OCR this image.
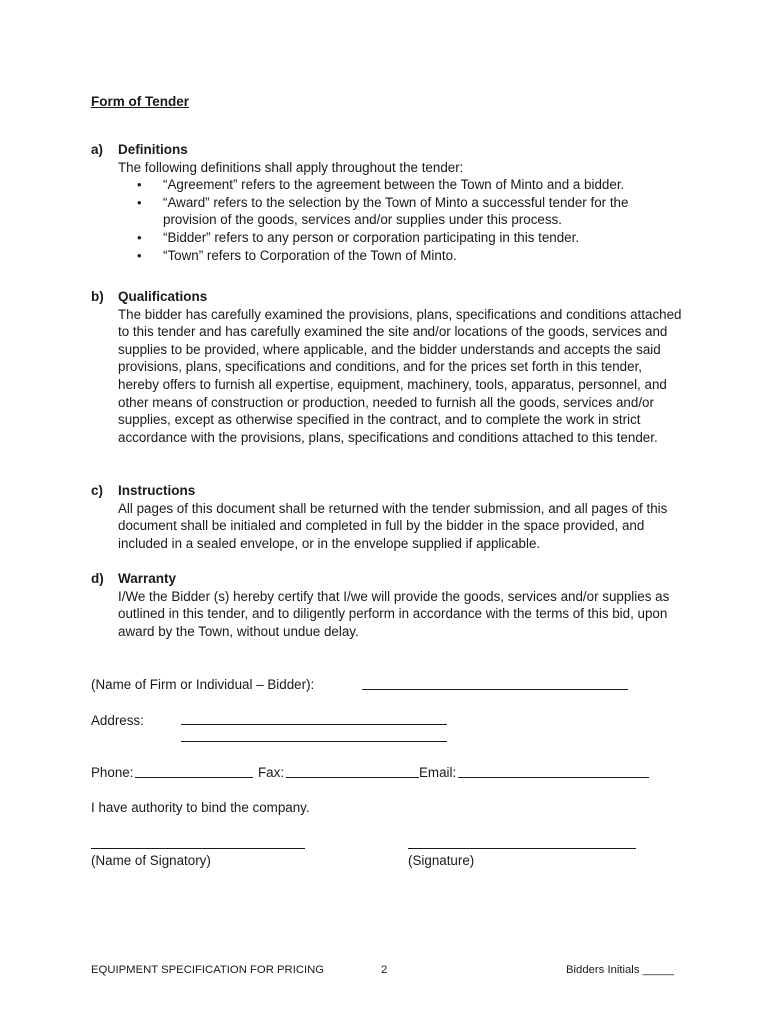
Form of Tender
a) Definitions
The following definitions shall apply throughout the tender:
• “Agreement” refers to the agreement between the Town of Minto and a bidder.
• “Award” refers to the selection by the Town of Minto a successful tender for the provision of the goods, services and/or supplies under this process.
• “Bidder” refers to any person or corporation participating in this tender.
• “Town” refers to Corporation of the Town of Minto.
b) Qualifications
The bidder has carefully examined the provisions, plans, specifications and conditions attached to this tender and has carefully examined the site and/or locations of the goods, services and supplies to be provided, where applicable, and the bidder understands and accepts the said provisions, plans, specifications and conditions, and for the prices set forth in this tender, hereby offers to furnish all expertise, equipment, machinery, tools, apparatus, personnel, and other means of construction or production, needed to furnish all the goods, services and/or supplies, except as otherwise specified in the contract, and to complete the work in strict accordance with the provisions, plans, specifications and conditions attached to this tender.
c) Instructions
All pages of this document shall be returned with the tender submission, and all pages of this document shall be initialed and completed in full by the bidder in the space provided, and included in a sealed envelope, or in the envelope supplied if applicable.
d) Warranty
I/We the Bidder (s) hereby certify that I/we will provide the goods, services and/or supplies as outlined in this tender, and to diligently perform in accordance with the terms of this bid, upon award by the Town, without undue delay.
(Name of Firm or Individual – Bidder):
Address:
Phone:	Fax:	Email:
I have authority to bind the company.
(Name of Signatory)	(Signature)
EQUIPMENT SPECIFICATION FOR PRICING	2	Bidders Initials _____
